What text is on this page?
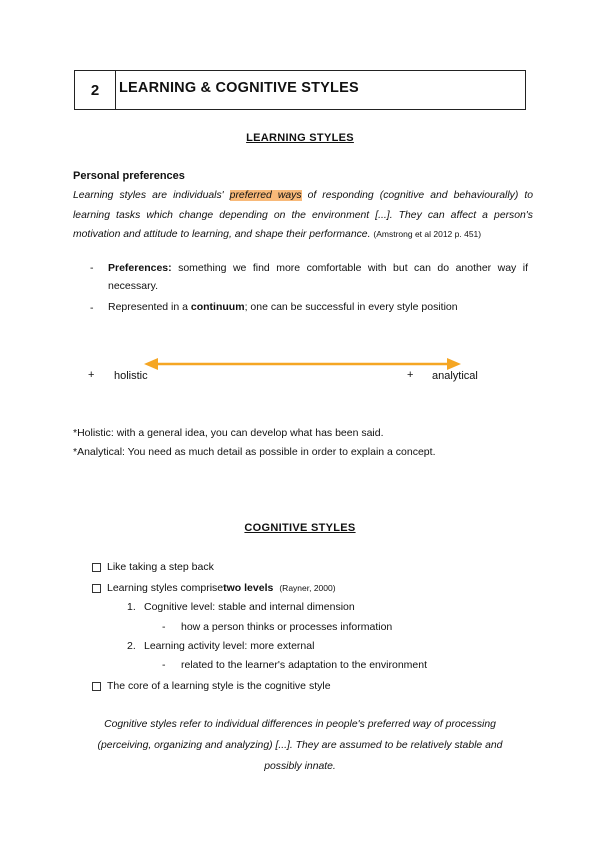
2	LEARNING & COGNITIVE STYLES
LEARNING STYLES
Personal preferences
Learning styles are individuals' preferred ways of responding (cognitive and behaviourally) to learning tasks which change depending on the environment [...]. They can affect a person's motivation and attitude to learning, and shape their performance. (Amstrong et al 2012 p. 451)
- Preferences: something we find more comfortable with but can do another way if necessary.
- Represented in a continuum; one can be successful in every style position
+ holistic	+ analytical
*Holistic: with a general idea, you can develop what has been said.
*Analytical: You need as much detail as possible in order to explain a concept.
COGNITIVE STYLES
Like taking a step back
Learning styles comprise two levels (Rayner, 2000)
1. Cognitive level: stable and internal dimension
- how a person thinks or processes information
2. Learning activity level: more external
- related to the learner's adaptation to the environment
The core of a learning style is the cognitive style
Cognitive styles refer to individual differences in people's preferred way of processing (perceiving, organizing and analyzing) [...]. They are assumed to be relatively stable and possibly innate.
